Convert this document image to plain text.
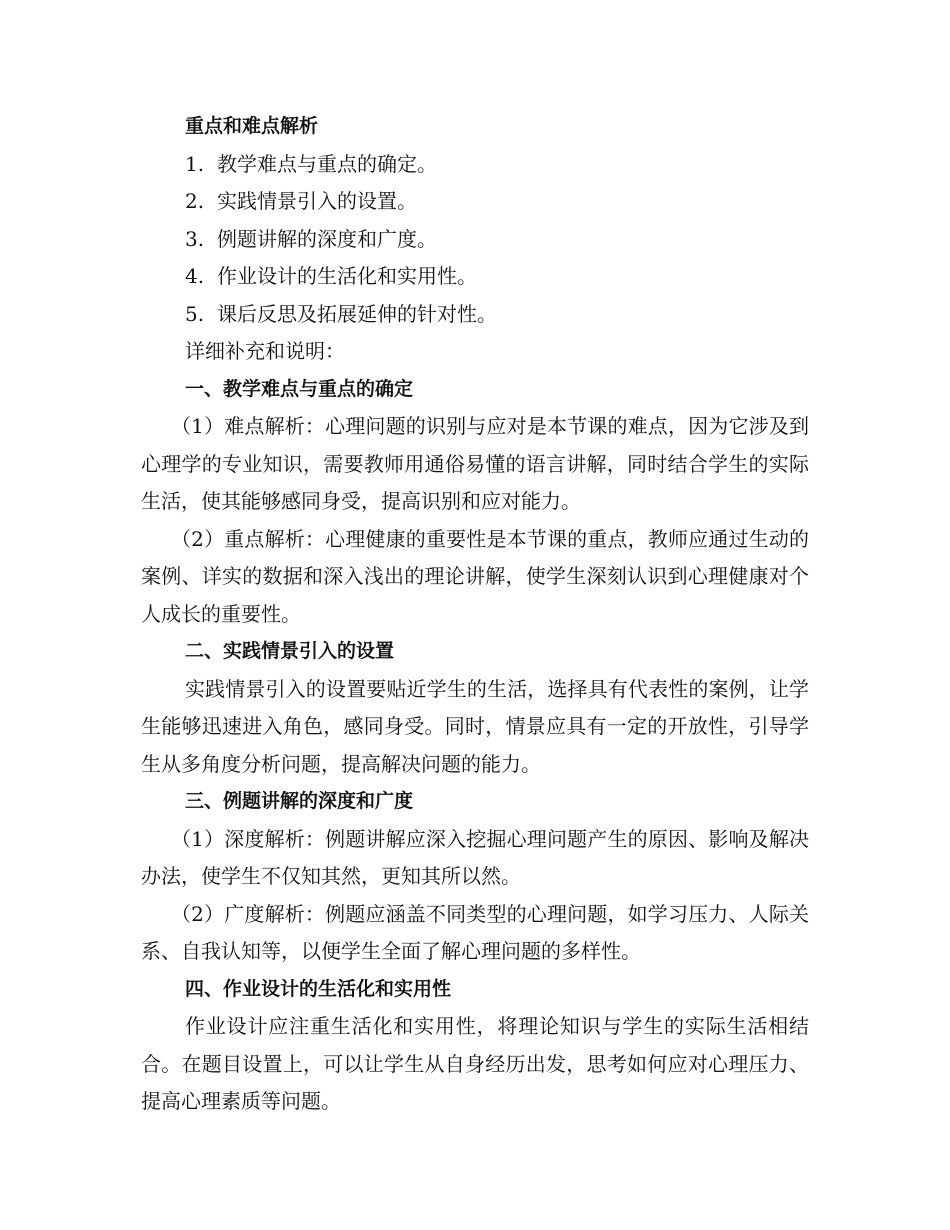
重点和难点解析

1. 教学难点与重点的确定。

2. 实践情景引入的设置。

3. 例题讲解的深度和广度。

4. 作业设计的生活化和实用性。

5. 课后反思及拓展延伸的针对性。

详细补充和说明：

一、教学难点与重点的确定

（1）难点解析：心理问题的识别与应对是本节课的难点，因为它涉及到心理学的专业知识，需要教师用通俗易懂的语言讲解，同时结合学生的实际生活，使其能够感同身受，提高识别和应对能力。

（2）重点解析：心理健康的重要性是本节课的重点，教师应通过生动的案例、详实的数据和深入浅出的理论讲解，使学生深刻认识到心理健康对个人成长的重要性。

二、实践情景引入的设置

实践情景引入的设置要贴近学生的生活，选择具有代表性的案例，让学生能够迅速进入角色，感同身受。同时，情景应具有一定的开放性，引导学生从多角度分析问题，提高解决问题的能力。

三、例题讲解的深度和广度

（1）深度解析：例题讲解应深入挖掘心理问题产生的原因、影响及解决办法，使学生不仅知其然，更知其所以然。

（2）广度解析：例题应涵盖不同类型的心理问题，如学习压力、人际关系、自我认知等，以便学生全面了解心理问题的多样性。

四、作业设计的生活化和实用性

作业设计应注重生活化和实用性，将理论知识与学生的实际生活相结合。在题目设置上，可以让学生从自身经历出发，思考如何应对心理压力、提高心理素质等问题。
